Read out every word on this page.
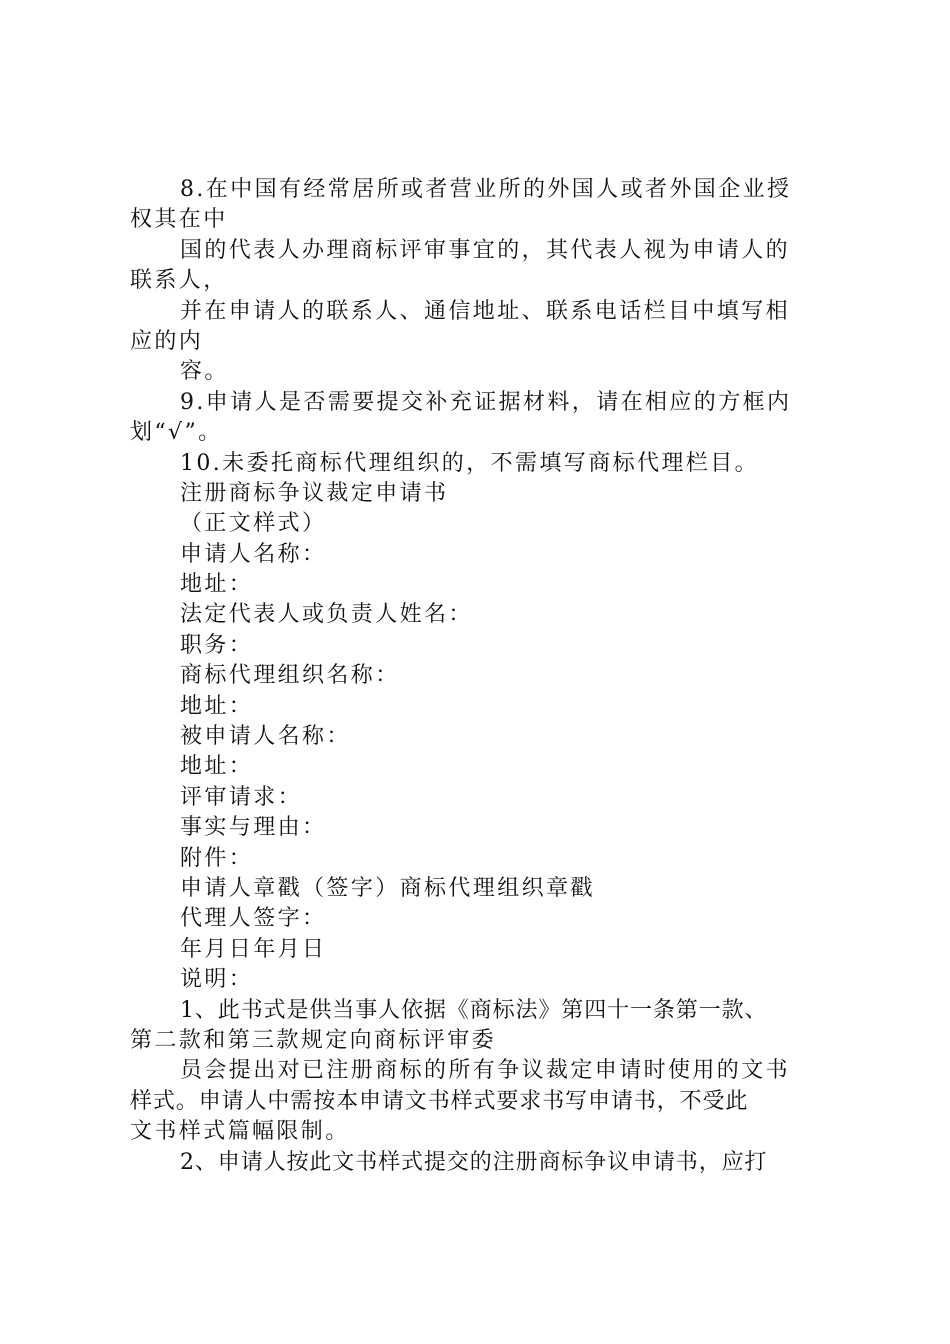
8.在中国有经常居所或者营业所的外国人或者外国企业授
权其在中
国的代表人办理商标评审事宜的，其代表人视为申请人的
联系人，
并在申请人的联系人、通信地址、联系电话栏目中填写相
应的内
容。
9.申请人是否需要提交补充证据材料，请在相应的方框内
划“√”。
10.未委托商标代理组织的，不需填写商标代理栏目。
注册商标争议裁定申请书
（正文样式）
申请人名称：
地址：
法定代表人或负责人姓名：
职务：
商标代理组织名称：
地址：
被申请人名称：
地址：
评审请求：
事实与理由：
附件：
申请人章戳（签字）商标代理组织章戳
代理人签字：
年月日年月日
说明：
1、此书式是供当事人依据《商标法》第四十一条第一款、
第二款和第三款规定向商标评审委
员会提出对已注册商标的所有争议裁定申请时使用的文书
样式。申请人中需按本申请文书样式要求书写申请书，不受此
文书样式篇幅限制。
2、申请人按此文书样式提交的注册商标争议申请书，应打
